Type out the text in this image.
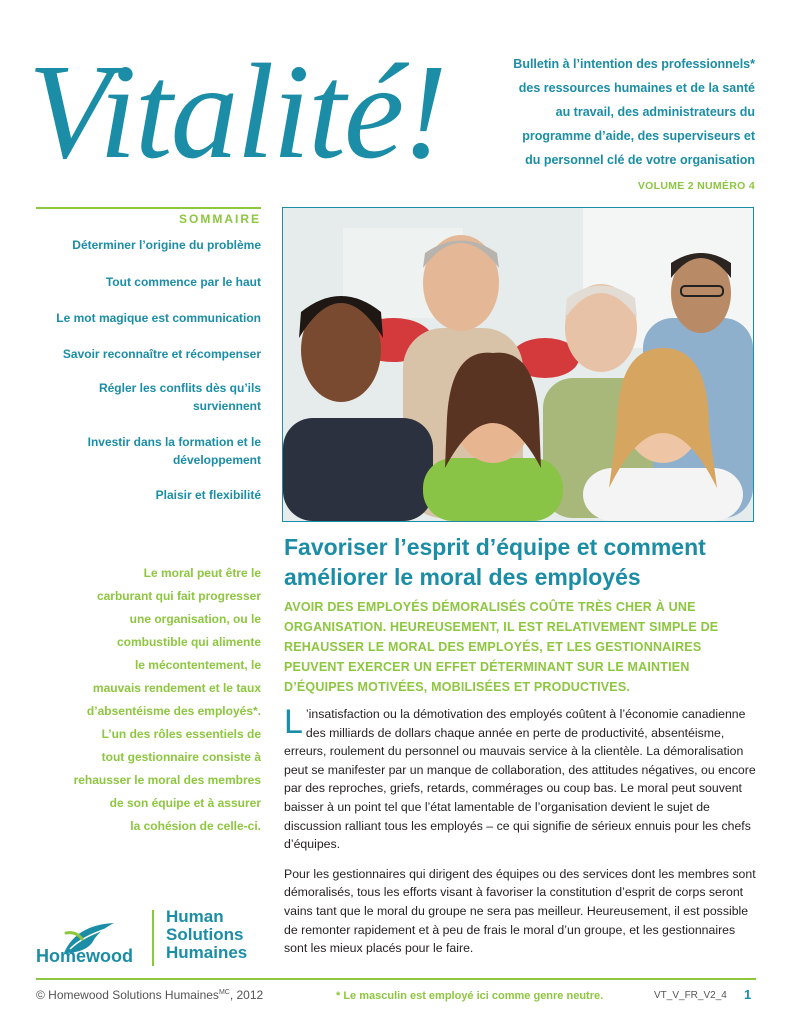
Vitalité!	Bulletin à l’intention des professionnels*
des ressources humaines et de la santé
au travail, des administrateurs du
programme d’aide, des superviseurs et
du personnel clé de votre organisation
VOLUME 2 NUMÉRO 4
SOMMAIRE
Déterminer l’origine du problème
Tout commence par le haut
Le mot magique est communication
Savoir reconnaître et récompenser
Régler les conflits dès qu’ils surviennent
Investir dans la formation et le développement
Plaisir et flexibilité
Le moral peut être le
carburant qui fait progresser
une organisation, ou le
combustible qui alimente
le mécontentement, le
mauvais rendement et le taux
d’absentéisme des employés*.
L’un des rôles essentiels de
tout gestionnaire consiste à
rehausser le moral des membres
de son équipe et à assurer
la cohésion de celle-ci.
Favoriser l’esprit d’équipe et comment améliorer le moral des employés

AVOIR DES EMPLOYÉS DÉMORALISÉS COÛTE TRÈS CHER À UNE ORGANISATION. HEUREUSEMENT, IL EST RELATIVEMENT SIMPLE DE REHAUSSER LE MORAL DES EMPLOYÉS, ET LES GESTIONNAIRES PEUVENT EXERCER UN EFFET DÉTERMINANT SUR LE MAINTIEN D’ÉQUIPES MOTIVÉES, MOBILISÉES ET PRODUCTIVES.

L ’insatisfaction ou la démotivation des employés coûtent à l’économie canadienne des milliards de dollars chaque année en perte de productivité, absentéisme, erreurs, roulement du personnel ou mauvais service à la clientèle. La démoralisation peut se manifester par un manque de collaboration, des attitudes négatives, ou encore par des reproches, griefs, retards, commérages ou coup bas. Le moral peut souvent baisser à un point tel que l’état lamentable de l’organisation devient le sujet de discussion ralliant tous les employés – ce qui signifie de sérieux ennuis pour les chefs d’équipes.

Pour les gestionnaires qui dirigent des équipes ou des services dont les membres sont démoralisés, tous les efforts visant à favoriser la constitution d’esprit de corps seront vains tant que le moral du groupe ne sera pas meilleur. Heureusement, il est possible de remonter rapidement et à peu de frais le moral d’un groupe, et les gestionnaires sont les mieux placés pour le faire.

Homewood
Human
Solutions
Humaines
© Homewood Solutions Humaines$^{MC}$, 2012	* Le masculin est employé ici comme genre neutre.	VT_V_FR_V2_4 1
